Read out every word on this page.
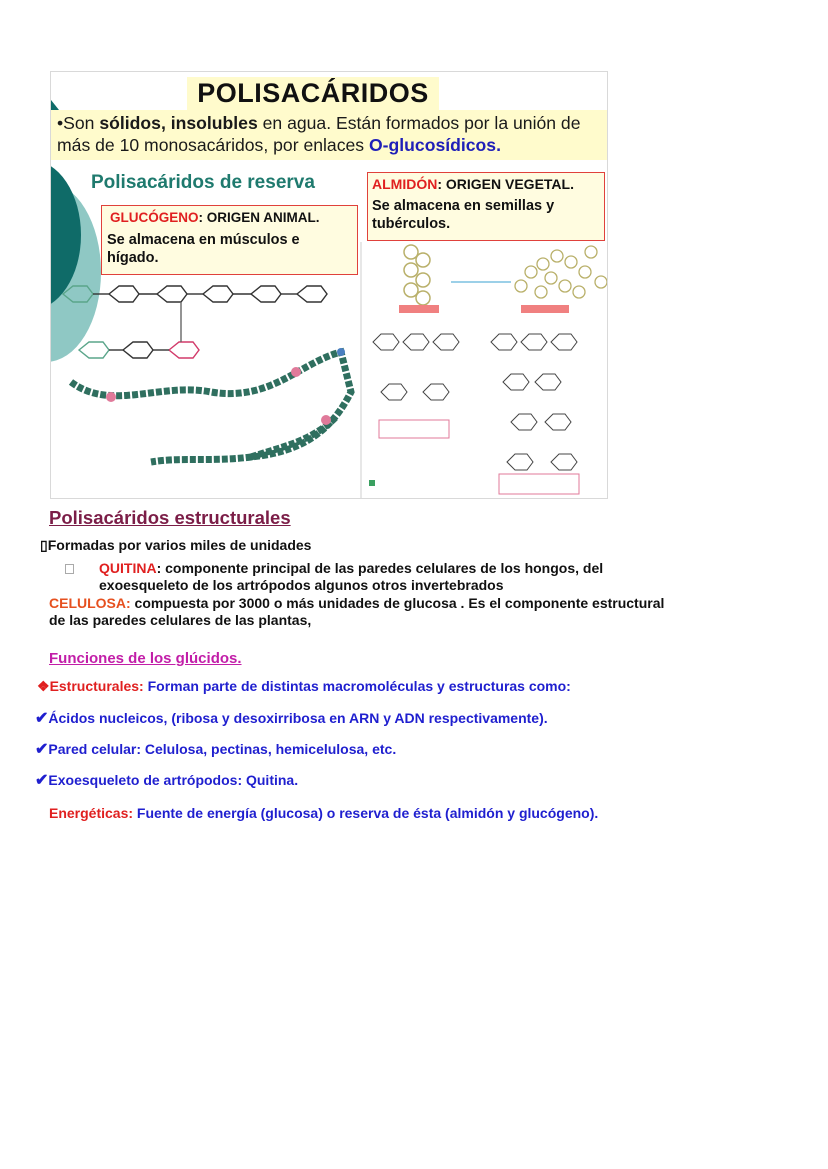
POLISACÁRIDOS
•Son sólidos, insolubles en agua. Están formados por la unión de más de 10 monosacáridos, por enlaces O-glucosídicos.
Polisacáridos de reserva
GLUCÓGENO: ORIGEN ANIMAL.
Se almacena en músculos e hígado.
ALMIDÓN: ORIGEN VEGETAL.
Se almacena en semillas y tubérculos.
Polisacáridos estructurales
▯Formadas por varios miles de unidades
QUITINA: componente principal de las paredes celulares de los hongos, del
exoesqueleto de los artrópodos algunos otros invertebrados
CELULOSA: compuesta por 3000 o más unidades de glucosa . Es el componente estructural
de las paredes celulares de las plantas,
Funciones de los glúcidos.
❖Estructurales: Forman parte de distintas macromoléculas y estructuras como:
✔Ácidos nucleicos, (ribosa y desoxirribosa en ARN y ADN respectivamente).
✔Pared celular: Celulosa, pectinas, hemicelulosa, etc.
✔Exoesqueleto de artrópodos: Quitina.
Energéticas: Fuente de energía (glucosa) o reserva de ésta (almidón y glucógeno).
